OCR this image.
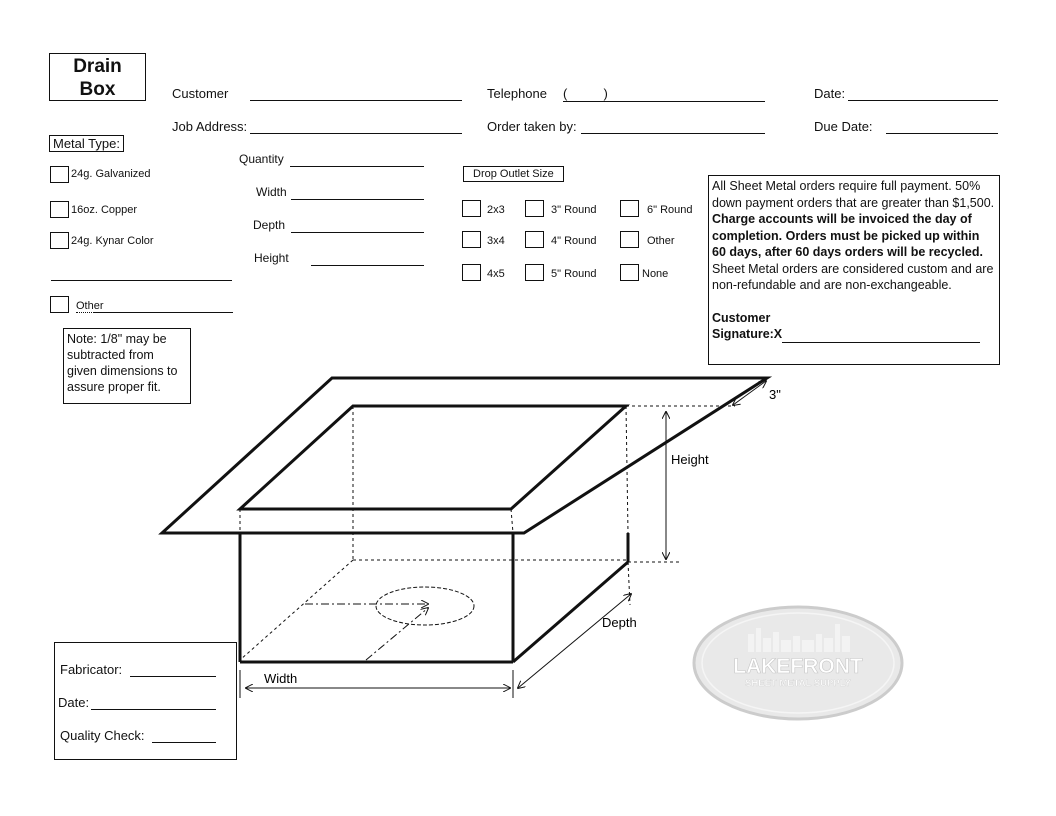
Drain
Box	Customer	Telephone (          )	Date:
Job Address:	Order taken by:	Due Date:
Metal Type:
24g. Galvanized
16oz. Copper
24g. Kynar Color
Other
Quantity
Width
Depth
Height
Drop Outlet Size
2x3	3" Round	6" Round
3x4	4" Round	Other
4x5	5" Round	None
Note: 1/8" may be subtracted from given dimensions to assure proper fit.
All Sheet Metal orders require full payment. 50% down payment orders that are greater than $1,500. Charge accounts will be invoiced the day of completion. Orders must be picked up within 60 days, after 60 days orders will be recycled. Sheet Metal orders are considered custom and are non-refundable and are non-exchangeable.
Customer
Signature:X
3"
Height
Depth
Width
LAKEFRONT
SHEET METAL SUPPLY
Fabricator:
Date:
Quality Check:
